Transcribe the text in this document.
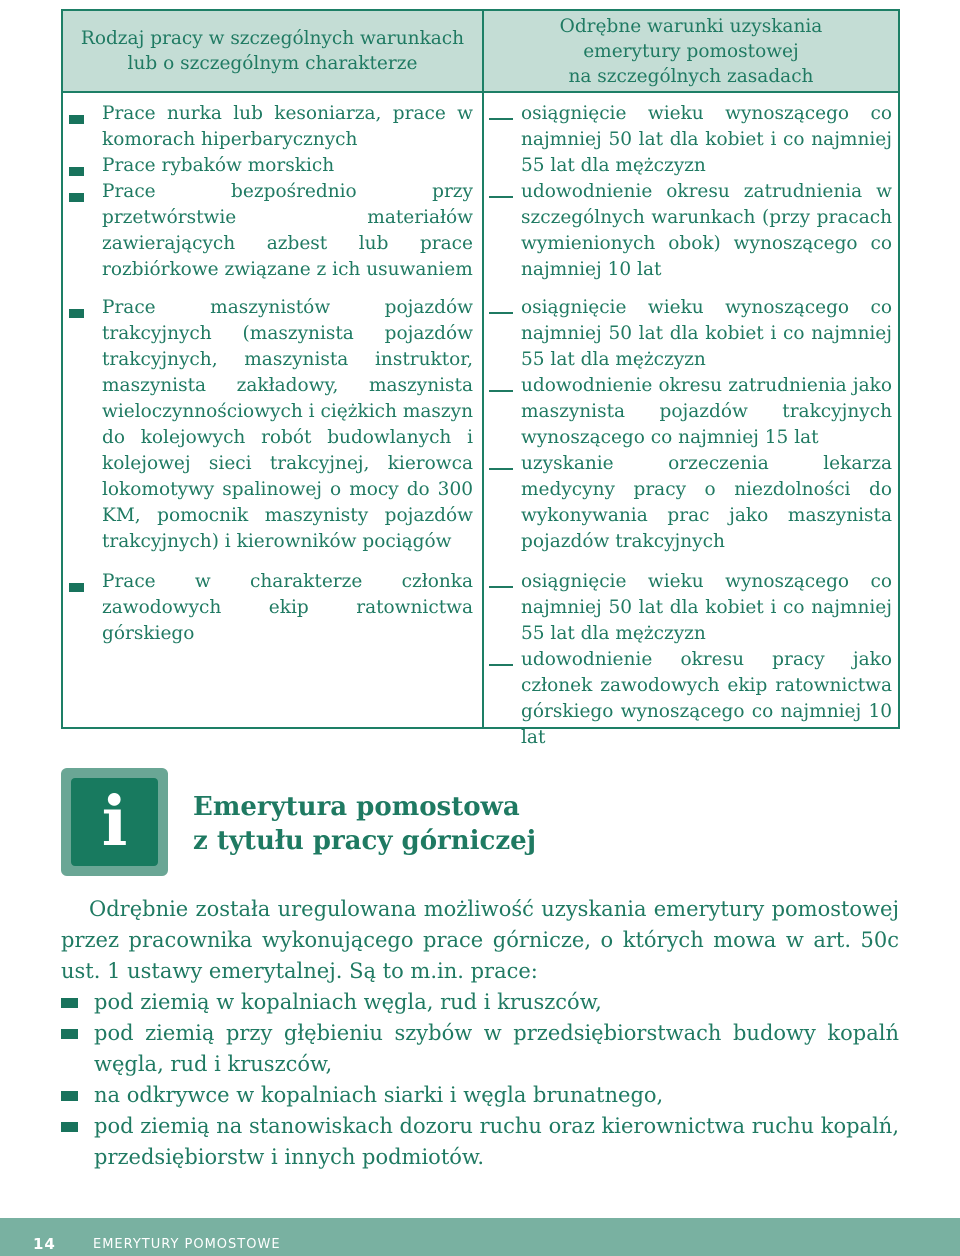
Rodzaj pracy w szczególnych warunkach
lub o szczególnym charakterze
Odrębne warunki uzyskania
emerytury pomostowej
na szczególnych zasadach
Prace nurka lub kesoniarza, prace w komorach hiperbarycznych
Prace rybaków morskich
Prace bezpośrednio przy przetwórstwie materiałów zawierających azbest lub prace rozbiórkowe związane z ich usuwaniem
osiągnięcie wieku wynoszącego co najmniej 50 lat dla kobiet i co najmniej 55 lat dla mężczyzn
udowodnienie okresu zatrudnienia w szczególnych warunkach (przy pracach wymienionych obok) wynoszącego co najmniej 10 lat
Prace maszynistów pojazdów trakcyjnych (maszynista pojazdów trakcyjnych, maszynista instruktor, maszynista zakładowy, maszynista wieloczynnościowych i ciężkich maszyn do kolejowych robót budowlanych i kolejowej sieci trakcyjnej, kierowca lokomotywy spalinowej o mocy do 300 KM, pomocnik maszynisty pojazdów trakcyjnych) i kierowników pociągów
osiągnięcie wieku wynoszącego co najmniej 50 lat dla kobiet i co najmniej 55 lat dla mężczyzn
udowodnienie okresu zatrudnienia jako maszynista pojazdów trakcyjnych wynoszącego co najmniej 15 lat
uzyskanie orzeczenia lekarza medycyny pracy o niezdolności do wykonywania prac jako maszynista pojazdów trakcyjnych
Prace w charakterze członka zawodowych ekip ratownictwa górskiego
osiągnięcie wieku wynoszącego co najmniej 50 lat dla kobiet i co najmniej 55 lat dla mężczyzn
udowodnienie okresu pracy jako członek zawodowych ekip ratownictwa górskiego wynoszącego co najmniej 10 lat
i	Emerytura pomostowa
z tytułu pracy górniczej
Odrębnie została uregulowana możliwość uzyskania emerytury pomostowej przez pracownika wykonującego prace górnicze, o których mowa w art. 50c ust. 1 ustawy emerytalnej. Są to m.in. prace:
pod ziemią w kopalniach węgla, rud i kruszców,
pod ziemią przy głębieniu szybów w przedsiębiorstwach budowy kopalń węgla, rud i kruszców,
na odkrywce w kopalniach siarki i węgla brunatnego,
pod ziemią na stanowiskach dozoru ruchu oraz kierownictwa ruchu kopalń, przedsiębiorstw i innych podmiotów.
14	EMERYTURY POMOSTOWE
